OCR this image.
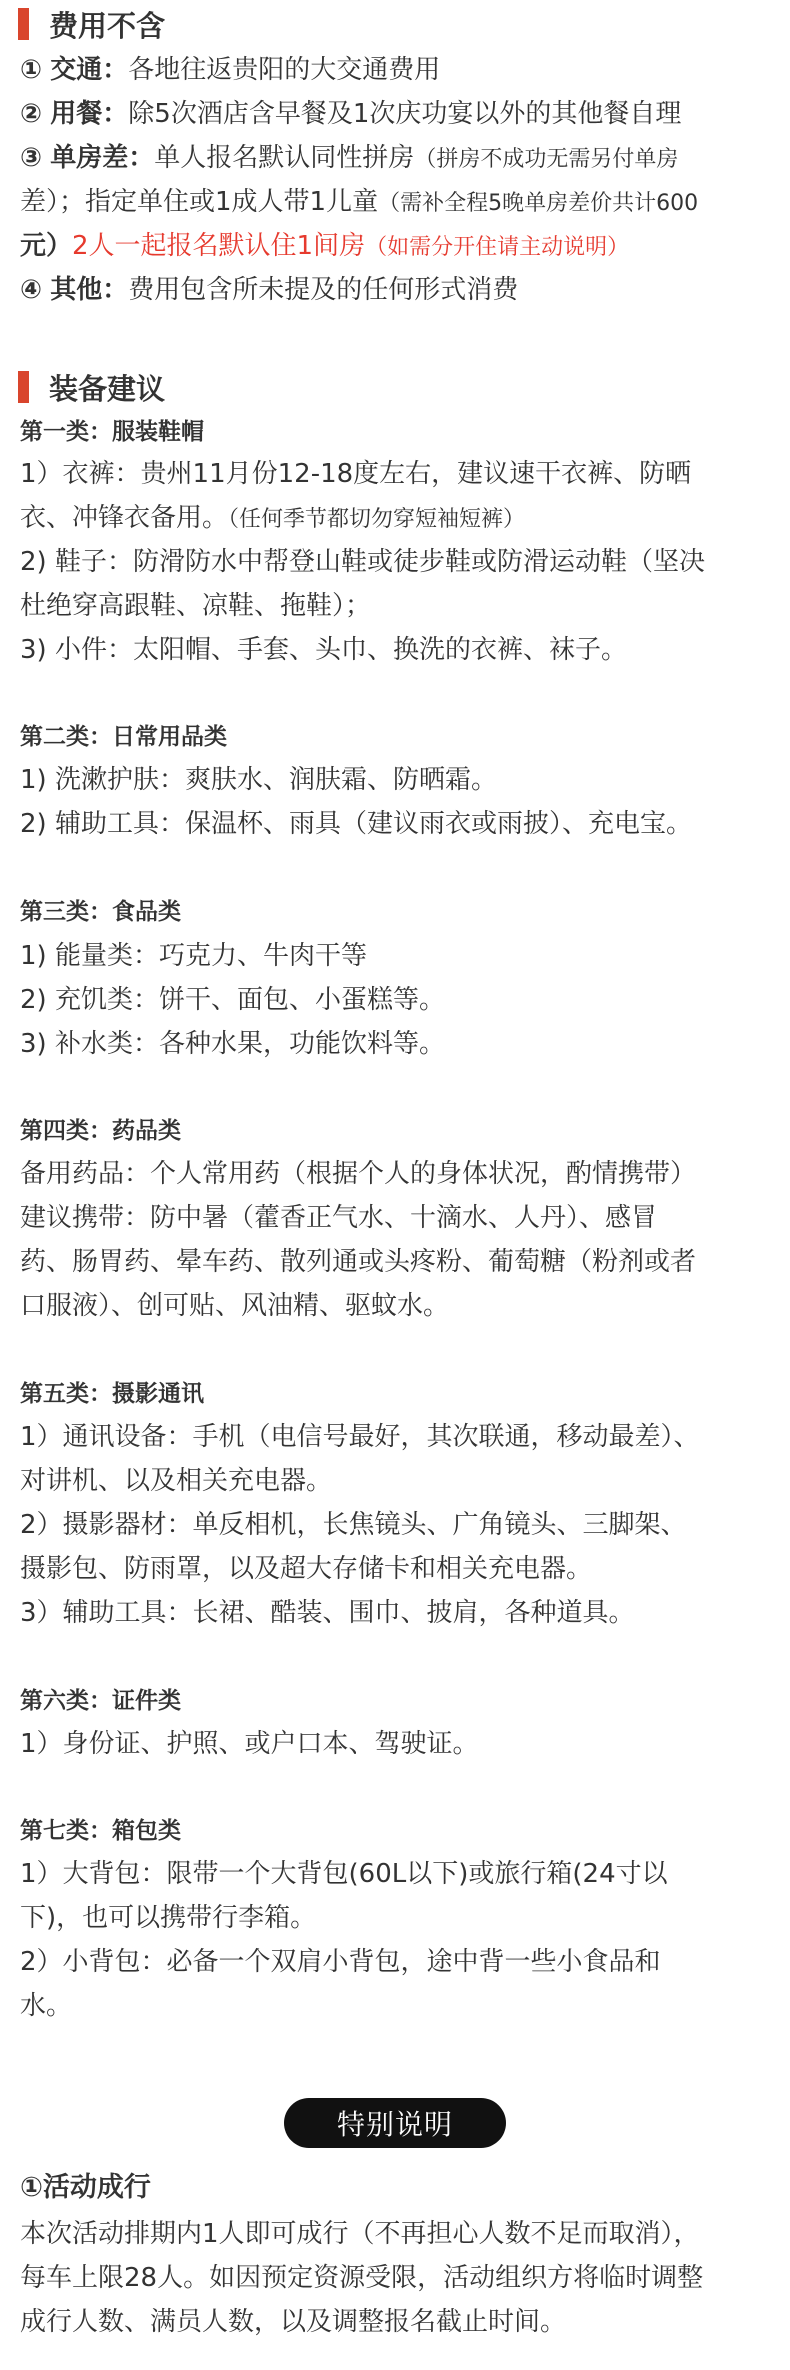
费用不含
① 交通：各地往返贵阳的大交通费用
② 用餐：除5次酒店含早餐及1次庆功宴以外的其他餐自理
③ 单房差：单人报名默认同性拼房（拼房不成功无需另付单房
差）；指定单住或1成人带1儿童（需补全程5晚单房差价共计600
元）2人一起报名默认住1间房（如需分开住请主动说明）
④ 其他：费用包含所未提及的任何形式消费
装备建议
第一类：服装鞋帽
1）衣裤：贵州11月份12-18度左右，建议速干衣裤、防晒
衣、冲锋衣备用。（任何季节都切勿穿短袖短裤）
2) 鞋子：防滑防水中帮登山鞋或徒步鞋或防滑运动鞋（坚决
杜绝穿高跟鞋、凉鞋、拖鞋）；
3) 小件：太阳帽、手套、头巾、换洗的衣裤、袜子。
第二类：日常用品类
1) 洗漱护肤：爽肤水、润肤霜、防晒霜。
2) 辅助工具：保温杯、雨具（建议雨衣或雨披）、充电宝。
第三类：食品类
1) 能量类：巧克力、牛肉干等
2) 充饥类：饼干、面包、小蛋糕等。
3) 补水类：各种水果，功能饮料等。
第四类：药品类
备用药品：个人常用药（根据个人的身体状况，酌情携带）
建议携带：防中暑（藿香正气水、十滴水、人丹）、感冒
药、肠胃药、晕车药、散列通或头疼粉、葡萄糖（粉剂或者
口服液）、创可贴、风油精、驱蚊水。
第五类：摄影通讯
1）通讯设备：手机（电信号最好，其次联通，移动最差）、
对讲机、以及相关充电器。
2）摄影器材：单反相机，长焦镜头、广角镜头、三脚架、
摄影包、防雨罩，以及超大存储卡和相关充电器。
3）辅助工具：长裙、酷装、围巾、披肩，各种道具。
第六类：证件类
1）身份证、护照、或户口本、驾驶证。
第七类：箱包类
1）大背包：限带一个大背包(60L以下)或旅行箱(24寸以
下)，也可以携带行李箱。
2）小背包：必备一个双肩小背包，途中背一些小食品和
水。
特别说明
①活动成行
本次活动排期内1人即可成行（不再担心人数不足而取消），
每车上限28人。如因预定资源受限，活动组织方将临时调整
成行人数、满员人数，以及调整报名截止时间。
